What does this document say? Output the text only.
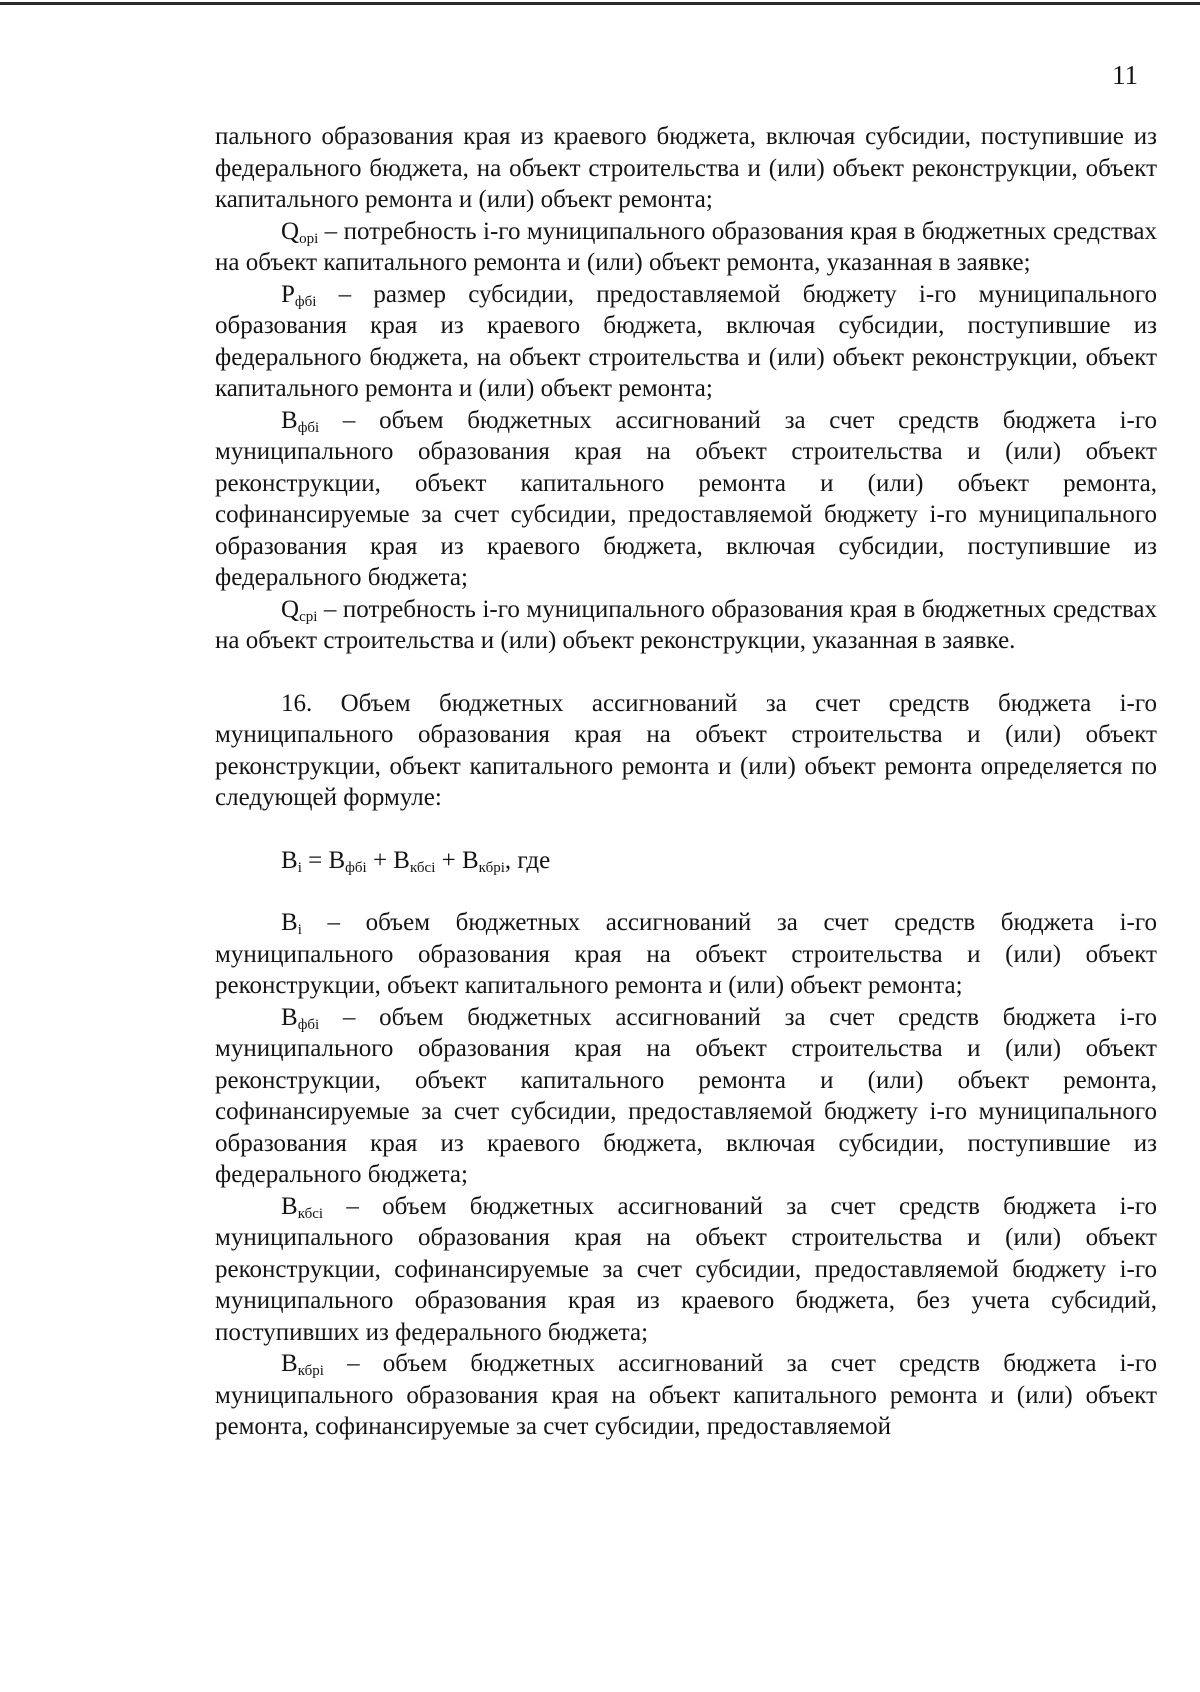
11

пального образования края из краевого бюджета, включая субсидии, поступившие из федерального бюджета, на объект строительства и (или) объект реконструкции, объект капитального ремонта и (или) объект ремонта;

$Q_{орi}$ – потребность i-го муниципального образования края в бюджетных средствах на объект капитального ремонта и (или) объект ремонта, указанная в заявке;

$P_{фбi}$ – размер субсидии, предоставляемой бюджету i-го муниципального образования края из краевого бюджета, включая субсидии, поступившие из федерального бюджета, на объект строительства и (или) объект реконструкции, объект капитального ремонта и (или) объект ремонта;

$B_{фбi}$ – объем бюджетных ассигнований за счет средств бюджета i-го муниципального образования края на объект строительства и (или) объект реконструкции, объект капитального ремонта и (или) объект ремонта, софинансируемые за счет субсидии, предоставляемой бюджету i-го муниципального образования края из краевого бюджета, включая субсидии, поступившие из федерального бюджета;

$Q_{срi}$ – потребность i-го муниципального образования края в бюджетных средствах на объект строительства и (или) объект реконструкции, указанная в заявке.

16. Объем бюджетных ассигнований за счет средств бюджета i-го муниципального образования края на объект строительства и (или) объект реконструкции, объект капитального ремонта и (или) объект ремонта определяется по следующей формуле:

$B_i = B_{фбi} + B_{кбсi} + B_{кбрi}$, где

$B_i$ – объем бюджетных ассигнований за счет средств бюджета i-го муниципального образования края на объект строительства и (или) объект реконструкции, объект капитального ремонта и (или) объект ремонта;

$B_{фбi}$ – объем бюджетных ассигнований за счет средств бюджета i-го муниципального образования края на объект строительства и (или) объект реконструкции, объект капитального ремонта и (или) объект ремонта, софинансируемые за счет субсидии, предоставляемой бюджету i-го муниципального образования края из краевого бюджета, включая субсидии, поступившие из федерального бюджета;

$B_{кбсi}$ – объем бюджетных ассигнований за счет средств бюджета i-го муниципального образования края на объект строительства и (или) объект реконструкции, софинансируемые за счет субсидии, предоставляемой бюджету i-го муниципального образования края из краевого бюджета, без учета субсидий, поступивших из федерального бюджета;

$B_{кбрi}$ – объем бюджетных ассигнований за счет средств бюджета i-го муниципального образования края на объект капитального ремонта и (или) объект ремонта, софинансируемые за счет субсидии, предоставляемой
